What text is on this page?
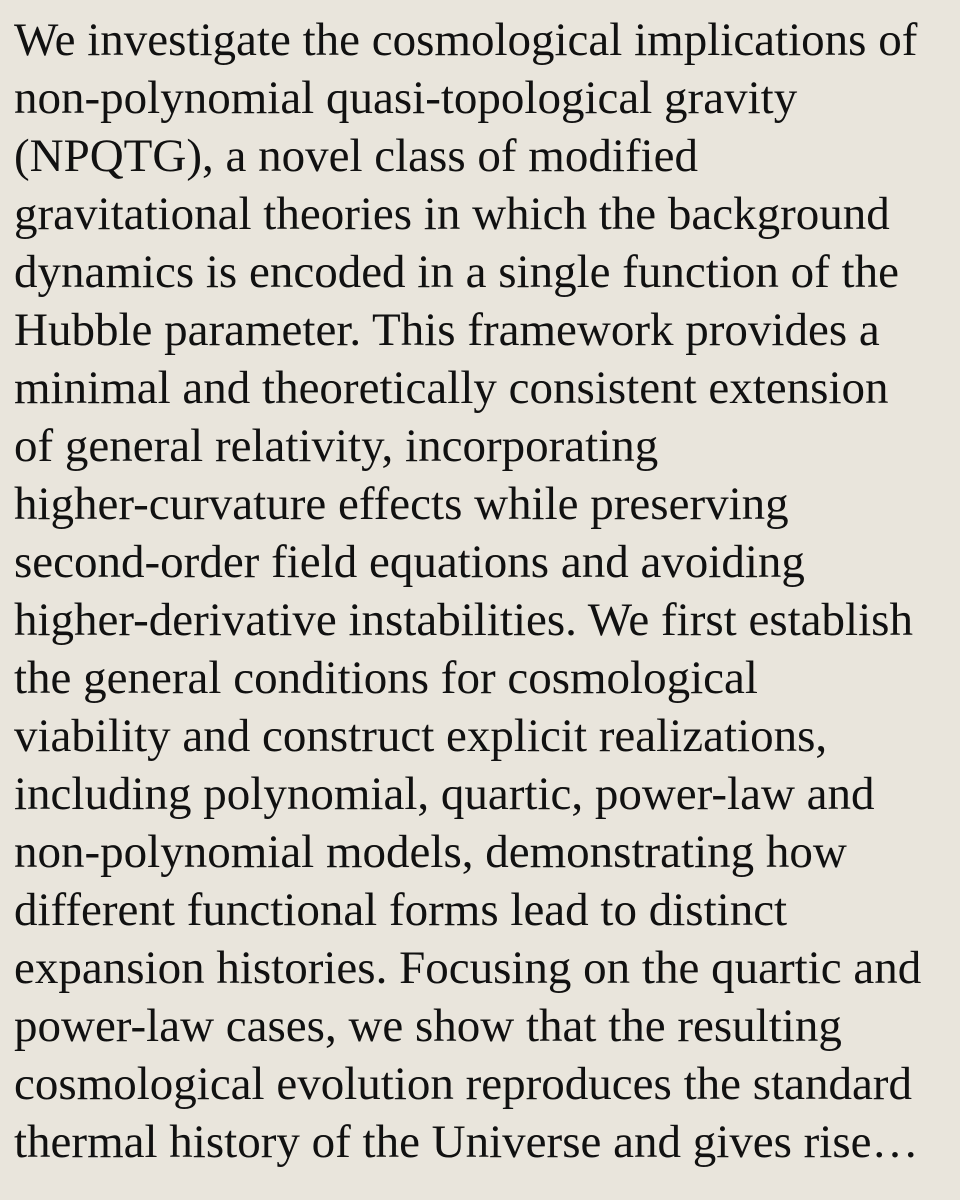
We investigate the cosmological implications of
non-polynomial quasi-topological gravity
(NPQTG), a novel class of modified
gravitational theories in which the background
dynamics is encoded in a single function of the
Hubble parameter. This framework provides a
minimal and theoretically consistent extension
of general relativity, incorporating
higher-curvature effects while preserving
second-order field equations and avoiding
higher-derivative instabilities. We first establish
the general conditions for cosmological
viability and construct explicit realizations,
including polynomial, quartic, power-law and
non-polynomial models, demonstrating how
different functional forms lead to distinct
expansion histories. Focusing on the quartic and
power-law cases, we show that the resulting
cosmological evolution reproduces the standard
thermal history of the Universe and gives rise…
